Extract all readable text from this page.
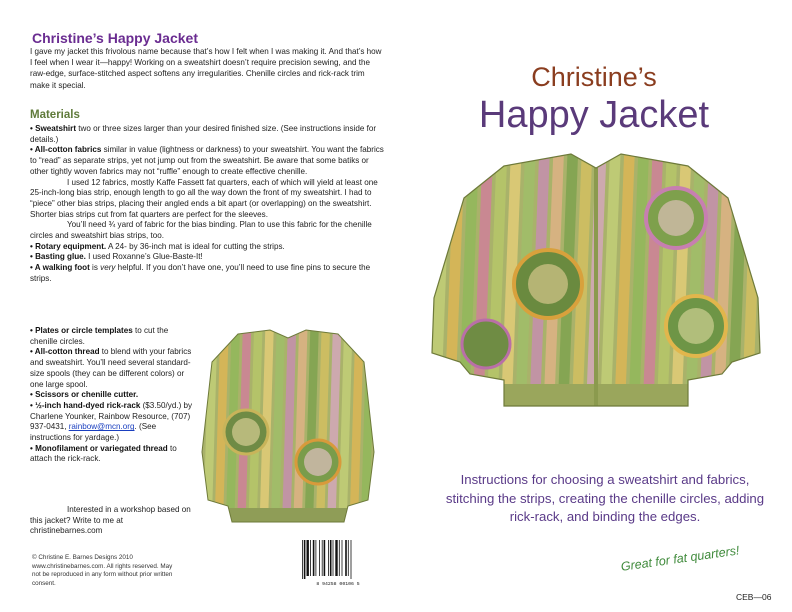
Christine’s Happy Jacket
I gave my jacket this frivolous name because that’s how I felt when I was making it. And that’s how I feel when I wear it—happy! Working on a sweatshirt doesn’t require precision sewing, and the raw-edge, surface-stitched aspect softens any irregularities. Chenille circles and rick-rack trim make it special.
Materials

• Sweatshirt two or three sizes larger than your desired finished size. (See instructions inside for details.)

• All-cotton fabrics similar in value (lightness or darkness) to your sweatshirt. You want the fabrics to “read” as separate strips, yet not jump out from the sweatshirt. Be aware that some batiks or other tightly woven fabrics may not “ruffle” enough to create effective chenille.

I used 12 fabrics, mostly Kaffe Fassett fat quarters, each of which will yield at least one 25-inch-long bias strip, enough length to go all the way down the front of my sweatshirt. I had to “piece” other bias strips, placing their angled ends a bit apart (or overlapping) on the sweatshirt. Shorter bias strips cut from fat quarters are perfect for the sleeves.

You’ll need ¾ yard of fabric for the bias binding. Plan to use this fabric for the chenille circles and sweatshirt bias strips, too.

• Rotary equipment. A 24- by 36-inch mat is ideal for cutting the strips.

• Basting glue. I used Roxanne’s Glue-Baste-It!

• A walking foot is very helpful. If you don’t have one, you’ll need to use fine pins to secure the strips.

• Plates or circle templates to cut the chenille circles.

• All-cotton thread to blend with your fabrics and sweatshirt. You’ll need several standard-size spools (they can be different colors) or one large spool.

• Scissors or chenille cutter.

• ½-inch hand-dyed rick-rack ($3.50/yd.) by Charlene Younker, Rainbow Resource, (707) 937-0431, rainbow@mcn.org. (See instructions for yardage.)

• Monofilament or variegated thread to attach the rick-rack.

Interested in a workshop based on this jacket? Write to me at christinebarnes.com

© Christine E. Barnes Designs 2010 www.christinebarnes.com. All rights reserved. May not be reproduced in any form without prior written consent.	8 94258 00106 5
Christine’s
Happy Jacket
Instructions for choosing a sweatshirt and fabrics, stitching the strips, creating the chenille circles, adding rick-rack, and binding the edges.
Great for fat quarters!
CEB—06
